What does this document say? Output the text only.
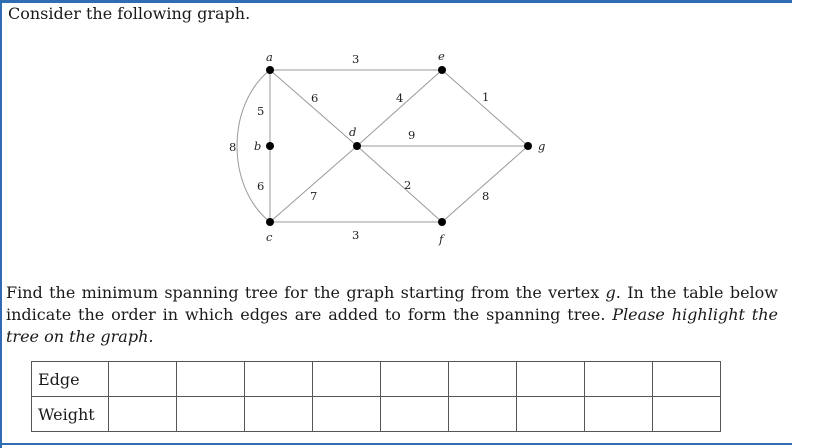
Consider the following graph.
a
b
c
d
e
f
g
3
5
6
8
6
7
3
4
9
2
1
8
Find the minimum spanning tree for the graph starting from the vertex g. In the table below indicate the order in which edges are added to form the spanning tree. Please highlight the tree on the graph.
Edge									
Weight									
